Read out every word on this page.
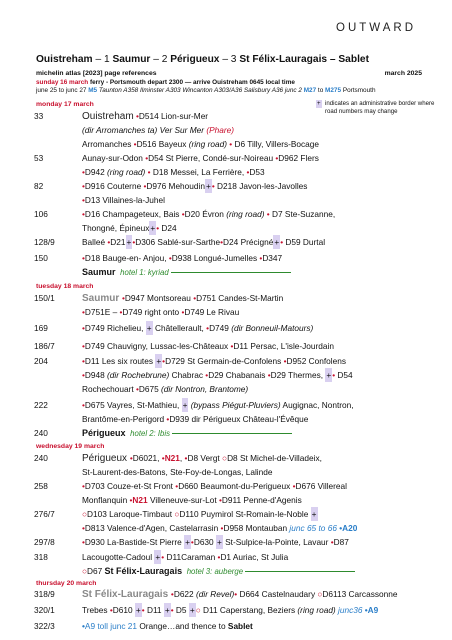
OUTWARD
Ouistreham – 1 Saumur – 2 Périgueux – 3 St Félix-Lauragais – Sablet
michelin atlas [2023] page references	march 2025
sunday 16 march ferry - Portsmouth depart 2300 — arrive Ouistreham 0645 local time
june 25 to junc 27 M5 Taunton A358 Ilminster A303 Wincanton A303/A36 Salisbury A36 junc 2 M27 to M275 Portsmouth
+ indicates an administrative border where road numbers may change
monday 17 march
33	Ouistreham •D514 Lion-sur-Mer
(dir Arromanches ta) Ver Sur Mer (Phare)
Arromanches •D516 Bayeux (ring road) • D6 Tilly, Villers-Bocage
53	Aunay-sur-Odon •D54 St Pierre, Condé-sur-Noireau •D962 Flers
•D942 (ring road) • D18 Messei, La Ferrière, •D53
82	•D916 Couterne •D976 Mehoudin+• D218 Javon-les-Javolles
•D13 Villaines-la-Juhel
106	•D16 Champageteux, Bais •D20 Évron (ring road) • D7 Ste-Suzanne,
Thongné, Épineux+• D24
128/9	Balleé •D21+•D306 Sablé-sur-Sarthe•D24 Précigné+• D59 Durtal
150	•D18 Bauge-en- Anjou, •D938 Longué-Jumelles •D347
Saumur hotel 1: kyriad
tuesday 18 march
150/1	Saumur •D947 Montsoreau •D751 Candes-St-Martin
•D751E – •D749 right onto •D749 Le Rivau
169	•D749 Richelieu, + Châtellerault, •D749 (dir Bonneuil-Matours)
186/7	•D749 Chauvigny, Lussac-les-Châteaux •D11 Persac, L'isle-Jourdain
204	•D11 Les six routes +•D729 St Germain-de-Confolens •D952 Confolens
•D948 (dir Rochebrune) Chabrac •D29 Chabanais •D29 Thermes, +• D54
Rochechouart •D675 (dir Nontron, Brantome)
222	•D675 Vayres, St-Mathieu, + (bypass Piégut-Pluviers) Augignac, Nontron,
Brantôme-en-Perigord •D939 dir Périgueux Château-l'Évêque
240	Périgueux hotel 2: Ibis
wednesday 19 march
240	Périgueux •D6021, •N21, •D8 Vergt ○D8 St Michel-de-Villadeix,
St-Laurent-des-Batons, Ste-Foy-de-Longas, Lalinde
258	•D703 Couze-et-St Front •D660 Beaumont-du-Perigueux •D676 Villereal
Monflanquin •N21 Villeneuve-sur-Lot •D911 Penne-d'Agenis
276/7	○D103 Laroque-Timbaut ○D110 Puymirol St-Romain-le-Noble +
•D813 Valence-d'Agen, Castelarrasin •D958 Montauban junc 65 to 66 •A20
297/8	•D930 La-Bastide-St Pierre +•D630 + St-Sulpice-la-Pointe, Lavaur •D87
318	Lacougotte-Cadoul +• D11Caraman •D1 Auriac, St Julia
○D67 St Félix-Lauragais hotel 3: auberge
thursday 20 march
318/9	St Félix-Lauragais •D622 (dir Revel)• D664 Castelnaudary ○D6113 Carcassonne
320/1	Trebes •D610 +• D11 +• D5 +○ D11 Caperstang, Beziers (ring road) junc36 •A9
322/3	•A9 toll junc 21 Orange…and thence to Sablet
